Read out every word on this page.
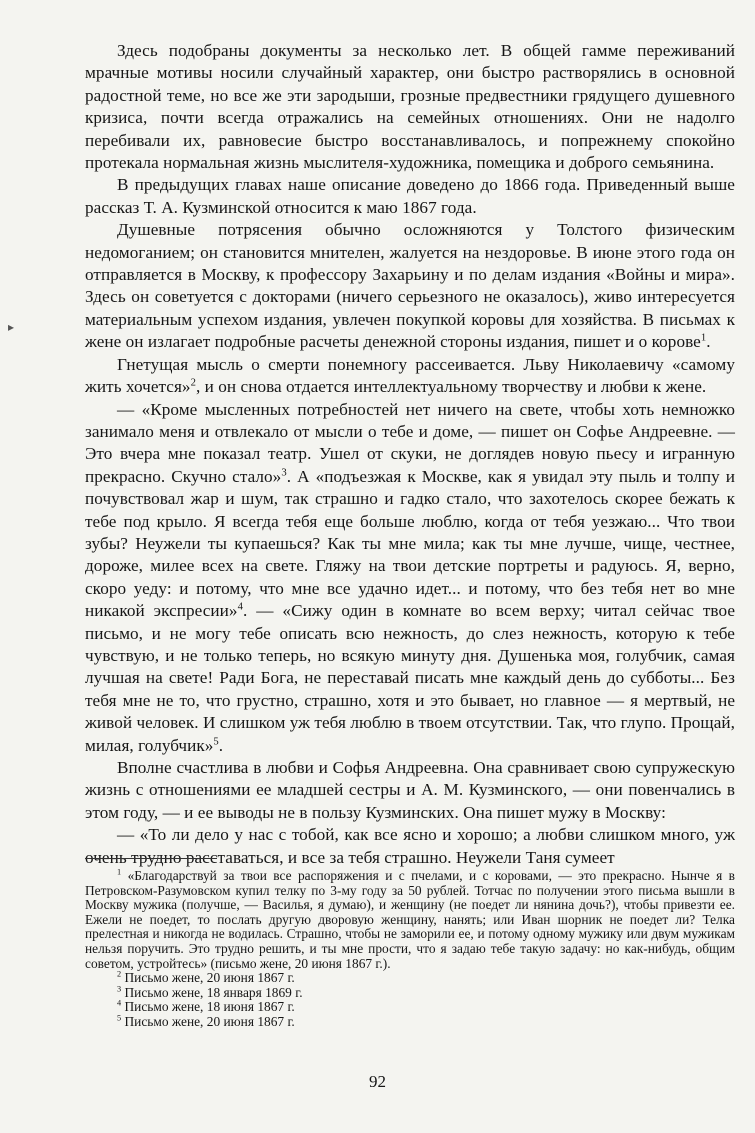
▸

Здесь подобраны документы за несколько лет. В общей гамме переживаний мрачные мотивы носили случайный характер, они быстро растворялись в основной радостной теме, но все же эти зародыши, грозные предвестники грядущего душевного кризиса, почти всегда отражались на семейных отношениях. Они не надолго перебивали их, равновесие быстро восстанавливалось, и попрежнему спокойно протекала нормальная жизнь мыслителя-художника, помещика и доброго семьянина.

В предыдущих главах наше описание доведено до 1866 года. Приведенный выше рассказ Т. А. Кузминской относится к маю 1867 года.

Душевные потрясения обычно осложняются у Толстого физическим недомоганием; он становится мнителен, жалуется на нездоровье. В июне этого года он отправляется в Москву, к профессору Захарьину и по делам издания «Войны и мира». Здесь он советуется с докторами (ничего серьезного не оказалось), живо интересуется материальным успехом издания, увлечен покупкой коровы для хозяйства. В письмах к жене он излагает подробные расчеты денежной стороны издания, пишет и о корове$^1$.

Гнетущая мысль о смерти понемногу рассеивается. Льву Николаевичу «самому жить хочется»$^2$, и он снова отдается интеллектуальному творчеству и любви к жене.

— «Кроме мысленных потребностей нет ничего на свете, чтобы хоть немножко занимало меня и отвлекало от мысли о тебе и доме, — пишет он Софье Андреевне. — Это вчера мне показал театр. Ушел от скуки, не доглядев новую пьесу и игранную прекрасно. Скучно стало»$^3$. А «подъезжая к Москве, как я увидал эту пыль и толпу и почувствовал жар и шум, так страшно и гадко стало, что захотелось скорее бежать к тебе под крыло. Я всегда тебя еще больше люблю, когда от тебя уезжаю... Что твои зубы? Неужели ты купаешься? Как ты мне мила; как ты мне лучше, чище, честнее, дороже, милее всех на свете. Гляжу на твои детские портреты и радуюсь. Я, верно, скоро уеду: и потому, что мне все удачно идет... и потому, что без тебя нет во мне никакой экспресии»$^4$. — «Сижу один в комнате во всем верху; читал сейчас твое письмо, и не могу тебе описать всю нежность, до слез нежность, которую к тебе чувствую, и не только теперь, но всякую минуту дня. Душенька моя, голубчик, самая лучшая на свете! Ради Бога, не переставай писать мне каждый день до субботы... Без тебя мне не то, что грустно, страшно, хотя и это бывает, но главное — я мертвый, не живой человек. И слишком уж тебя люблю в твоем отсутствии. Так, что глупо. Прощай, милая, голубчик»$^5$.

Вполне счастлива в любви и Софья Андреевна. Она сравнивает свою супружескую жизнь с отношениями ее младшей сестры и А. М. Кузминского, — они повенчались в этом году, — и ее выводы не в пользу Кузминских. Она пишет мужу в Москву:

— «То ли дело у нас с тобой, как все ясно и хорошо; а любви слишком много, уж очень трудно расставаться, и все за тебя страшно. Неужели Таня сумеет

$^1$ «Благодарствуй за твои все распоряжения и с пчелами, и с коровами, — это прекрасно. Нынче я в Петровском-Разумовском купил телку по 3-му году за 50 рублей. Тотчас по получении этого письма вышли в Москву мужика (получше, — Василья, я думаю), и женщину (не поедет ли нянина дочь?), чтобы привезти ее. Ежели не поедет, то послать другую дворовую женщину, нанять; или Иван шорник не поедет ли? Телка прелестная и никогда не водилась. Страшно, чтобы не заморили ее, и потому одному мужику или двум мужикам нельзя поручить. Это трудно решить, и ты мне прости, что я задаю тебе такую задачу: но как-нибудь, общим советом, устройтесь» (письмо жене, 20 июня 1867 г.).

$^2$ Письмо жене, 20 июня 1867 г.

$^3$ Письмо жене, 18 января 1869 г.

$^4$ Письмо жене, 18 июня 1867 г.

$^5$ Письмо жене, 20 июня 1867 г.

92
